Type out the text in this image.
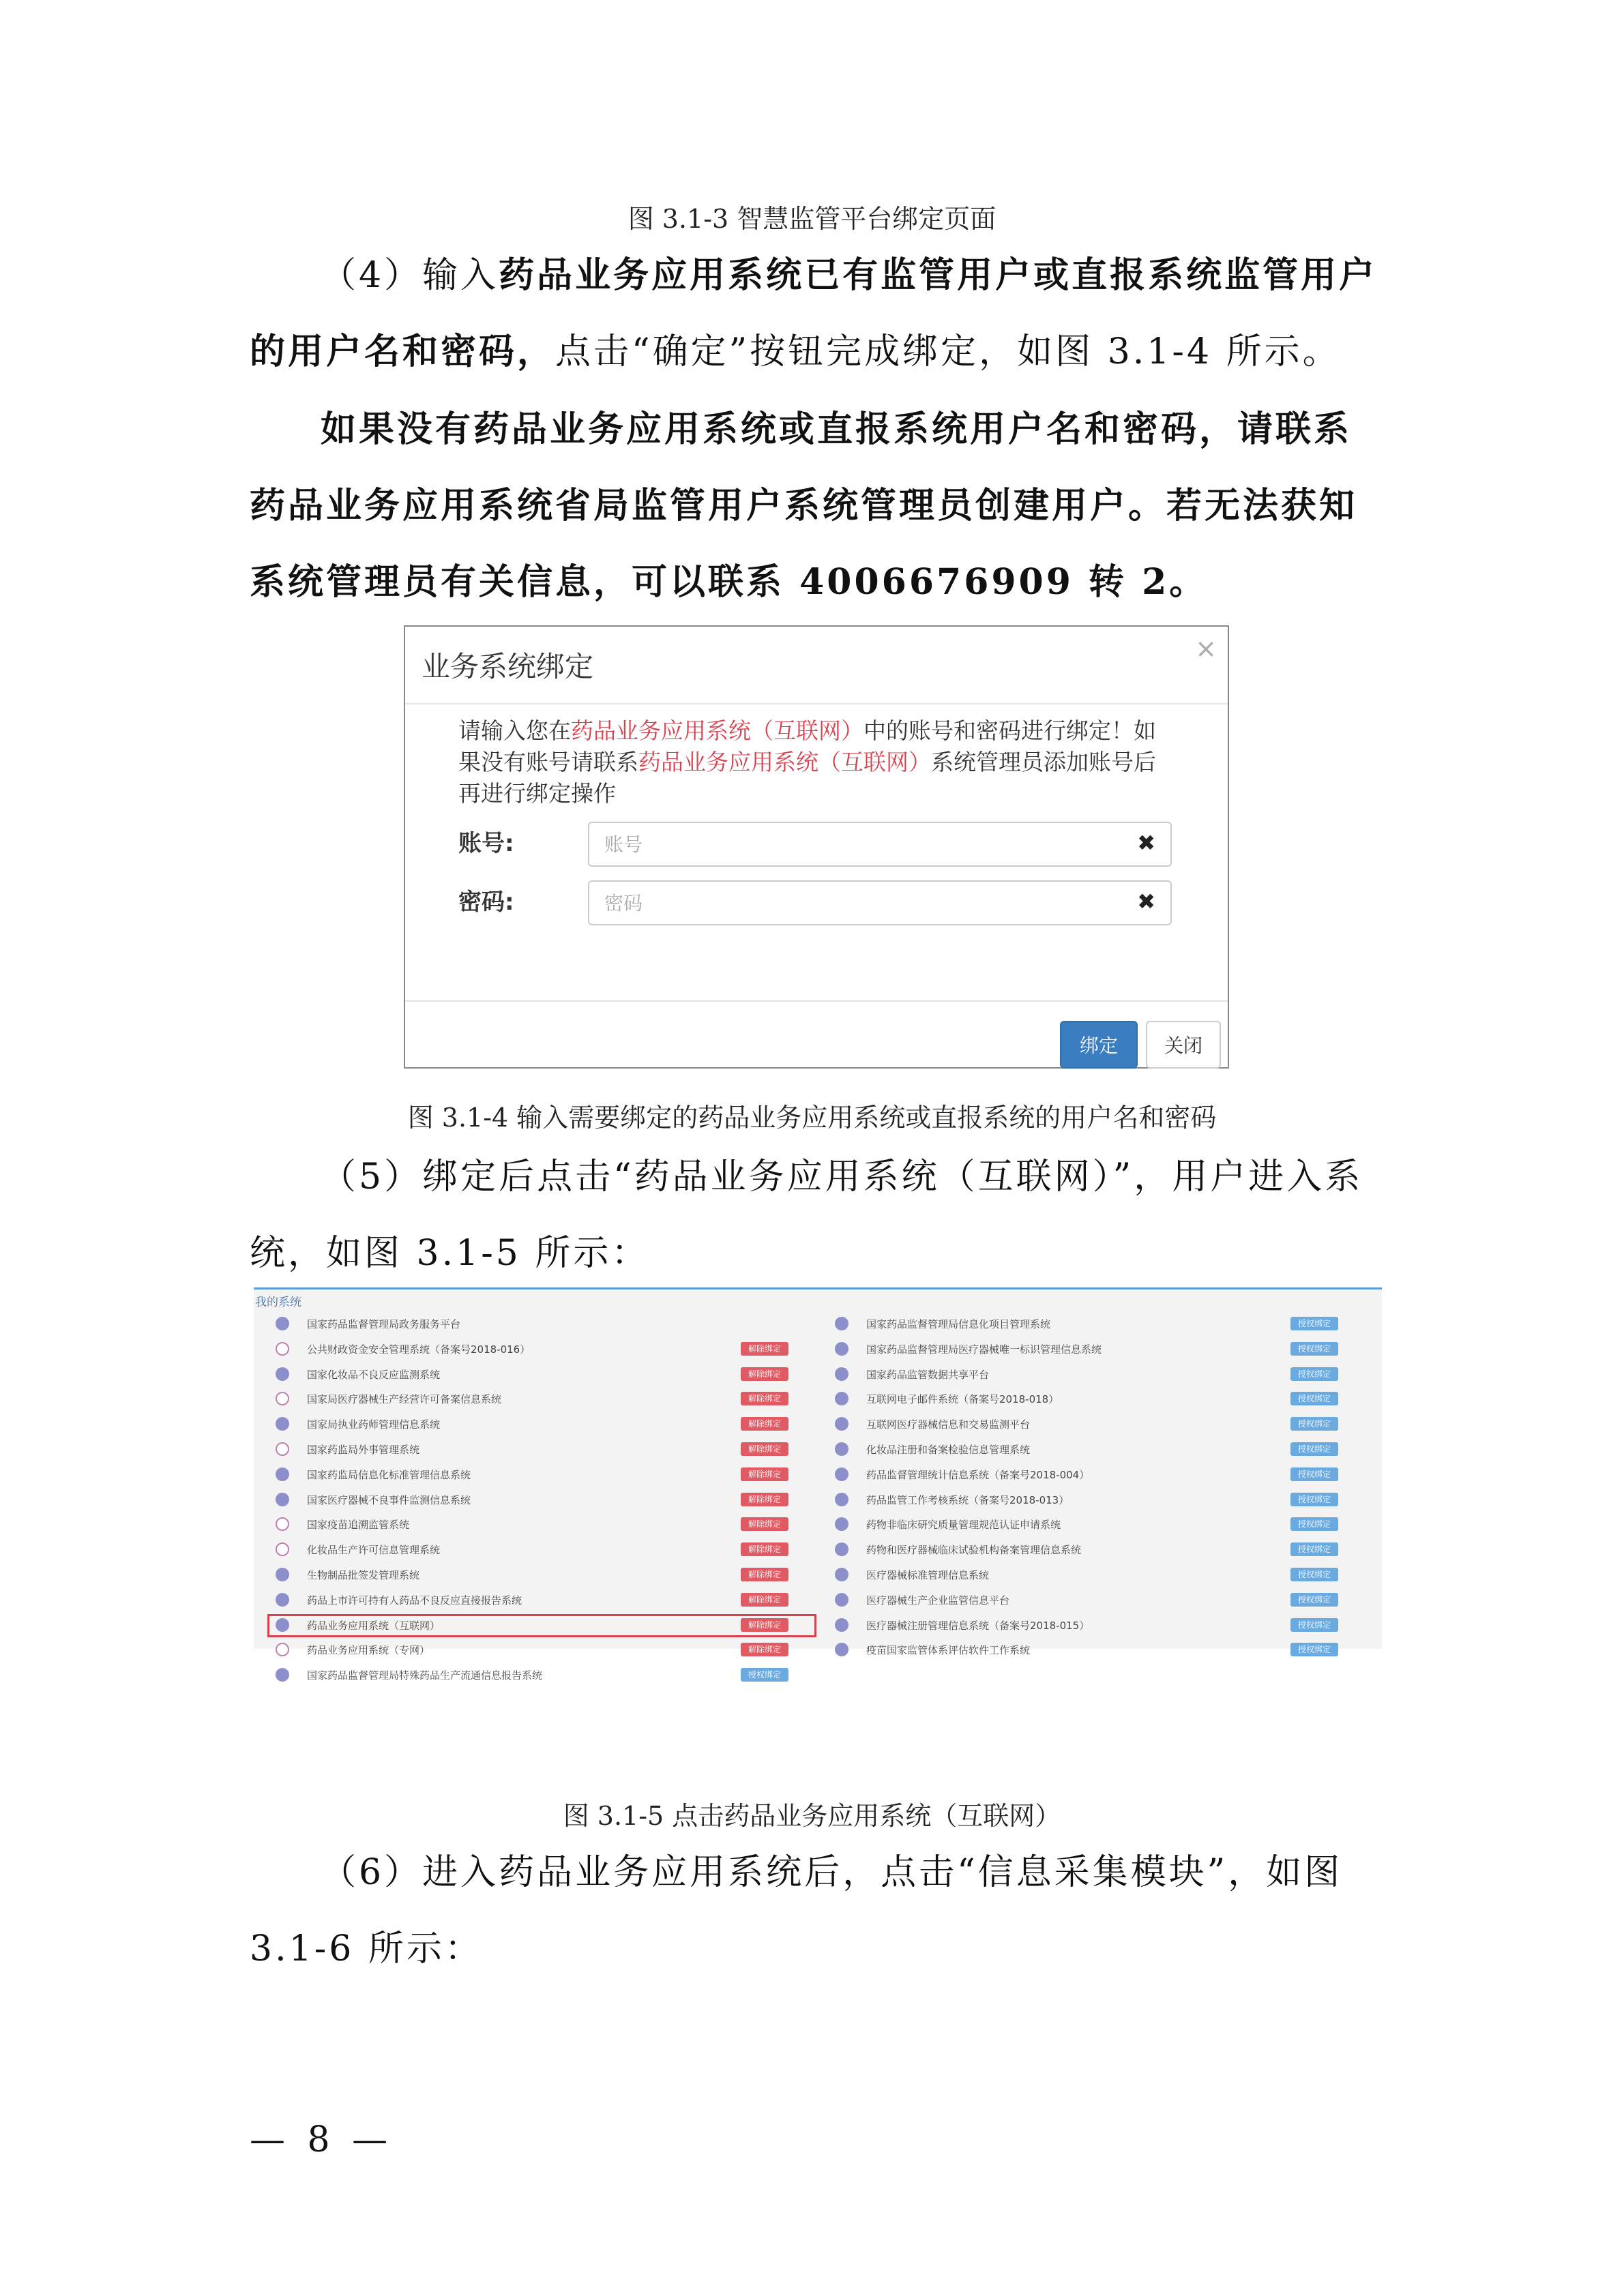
图 3.1-3 智慧监管平台绑定页面
（4）输入药品业务应用系统已有监管用户或直报系统监管用户的用户名和密码，点击“确定”按钮完成绑定，如图 3.1-4 所示。
如果没有药品业务应用系统或直报系统用户名和密码，请联系药品业务应用系统省局监管用户系统管理员创建用户。若无法获知系统管理员有关信息，可以联系 4006676909 转 2。
业务系统绑定
×
请输入您在药品业务应用系统（互联网）中的账号和密码进行绑定！如果没有账号请联系药品业务应用系统（互联网）系统管理员添加账号后再进行绑定操作
账号:
账号	✖
密码:
密码	✖
绑定	关闭
图 3.1-4 输入需要绑定的药品业务应用系统或直报系统的用户名和密码
（5）绑定后点击“药品业务应用系统（互联网）”，用户进入系统，如图 3.1-5 所示：
我的系统
国家药品监督管理局政务服务平台
公共财政资金安全管理系统（备案号2018-016）	解除绑定
国家化妆品不良反应监测系统	解除绑定
国家局医疗器械生产经营许可备案信息系统	解除绑定
国家局执业药师管理信息系统	解除绑定
国家药监局外事管理系统	解除绑定
国家药监局信息化标准管理信息系统	解除绑定
国家医疗器械不良事件监测信息系统	解除绑定
国家疫苗追溯监管系统	解除绑定
化妆品生产许可信息管理系统	解除绑定
生物制品批签发管理系统	解除绑定
药品上市许可持有人药品不良反应直接报告系统	解除绑定
药品业务应用系统（互联网）	解除绑定
药品业务应用系统（专网）	解除绑定
国家药品监督管理局特殊药品生产流通信息报告系统	授权绑定
国家药品监督管理局信息化项目管理系统	授权绑定
国家药品监督管理局医疗器械唯一标识管理信息系统	授权绑定
国家药品监管数据共享平台	授权绑定
互联网电子邮件系统（备案号2018-018）	授权绑定
互联网医疗器械信息和交易监测平台	授权绑定
化妆品注册和备案检验信息管理系统	授权绑定
药品监督管理统计信息系统（备案号2018-004）	授权绑定
药品监管工作考核系统（备案号2018-013）	授权绑定
药物非临床研究质量管理规范认证申请系统	授权绑定
药物和医疗器械临床试验机构备案管理信息系统	授权绑定
医疗器械标准管理信息系统	授权绑定
医疗器械生产企业监管信息平台	授权绑定
医疗器械注册管理信息系统（备案号2018-015）	授权绑定
疫苗国家监管体系评估软件工作系统	授权绑定
图 3.1-5 点击药品业务应用系统（互联网）
（6）进入药品业务应用系统后，点击“信息采集模块”，如图 3.1-6 所示：
— 8 —
